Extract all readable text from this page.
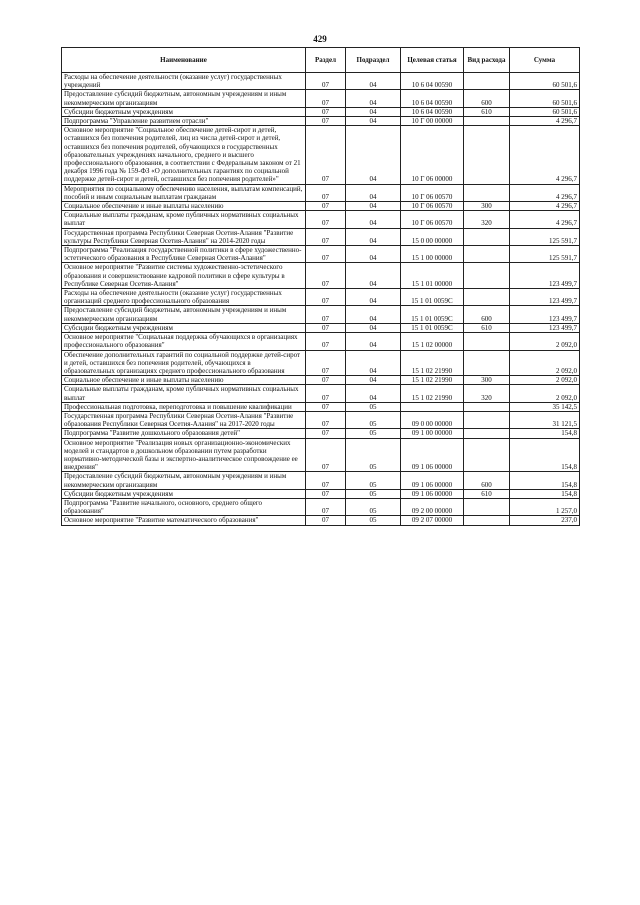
429
Наименование	Раздел	Подраздел	Целевая статья	Вид расхода	Сумма
Расходы на обеспечение деятельности (оказание услуг) государственных учреждений	07	04	10 6 04 00590		60 501,6
Предоставление субсидий бюджетным, автономным учреждениям и иным некоммерческим организациям	07	04	10 6 04 00590	600	60 501,6
Субсидии бюджетным учреждениям	07	04	10 6 04 00590	610	60 501,6
Подпрограмма "Управление развитием отрасли"	07	04	10 Г 00 00000		4 296,7
Основное мероприятие "Социальное обеспечение детей-сирот и детей, оставшихся без попечения родителей, лиц из числа детей-сирот и детей, оставшихся без попечения родителей, обучающихся в государственных образовательных учреждениях начального, среднего и высшего профессионального образования, в соответствии с Федеральным законом от 21 декабря 1996 года № 159-ФЗ «О дополнительных гарантиях по социальной поддержке детей-сирот и детей, оставшихся без попечения родителей»"	07	04	10 Г 06 00000		4 296,7
Мероприятия по социальному обеспечению населения, выплатам компенсаций, пособий и иным социальным выплатам гражданам	07	04	10 Г 06 00570		4 296,7
Социальное обеспечение и иные выплаты населению	07	04	10 Г 06 00570	300	4 296,7
Социальные выплаты гражданам, кроме публичных нормативных социальных выплат	07	04	10 Г 06 00570	320	4 296,7
Государственная программа Республики Северная Осетия-Алания "Развитие культуры Республики Северная Осетия-Алания" на 2014-2020 годы	07	04	15 0 00 00000		125 591,7
Подпрограмма "Реализация государственной политики в сфере художественно-эстетического образования в Республике Северная Осетия-Алания"	07	04	15 1 00 00000		125 591,7
Основное мероприятие "Развитие системы художественно-эстетического образования и совершенствование кадровой политики в сфере культуры в Республике Северная Осетия-Алания"	07	04	15 1 01 00000		123 499,7
Расходы на обеспечение деятельности (оказание услуг) государственных организаций среднего профессионального образования	07	04	15 1 01 0059С		123 499,7
Предоставление субсидий бюджетным, автономным учреждениям и иным некоммерческим организациям	07	04	15 1 01 0059С	600	123 499,7
Субсидии бюджетным учреждениям	07	04	15 1 01 0059С	610	123 499,7
Основное мероприятие "Социальная поддержка обучающихся в организациях профессионального образования"	07	04	15 1 02 00000		2 092,0
Обеспечение дополнительных гарантий по социальной поддержке детей-сирот и детей, оставшихся без попечения родителей, обучающихся в образовательных организациях среднего профессионального образования	07	04	15 1 02 21990		2 092,0
Социальное обеспечение и иные выплаты населению	07	04	15 1 02 21990	300	2 092,0
Социальные выплаты гражданам, кроме публичных нормативных социальных выплат	07	04	15 1 02 21990	320	2 092,0
Профессиональная подготовка, переподготовка и повышение квалификации	07	05			35 142,5
Государственная программа Республики Северная Осетия-Алания "Развитие образования Республики Северная Осетия-Алания" на 2017-2020 годы	07	05	09 0 00 00000		31 121,5
Подпрограмма "Развитие дошкольного образования детей"	07	05	09 1 00 00000		154,8
Основное мероприятие "Реализация новых организационно-экономических моделей и стандартов в дошкольном образовании путем разработки нормативно-методической базы и экспертно-аналитическое сопровождение ее внедрения"	07	05	09 1 06 00000		154,8
Предоставление субсидий бюджетным, автономным учреждениям и иным некоммерческим организациям	07	05	09 1 06 00000	600	154,8
Субсидии бюджетным учреждениям	07	05	09 1 06 00000	610	154,8
Подпрограмма "Развитие начального, основного, среднего общего образования"	07	05	09 2 00 00000		1 257,0
Основное мероприятие "Развитие математического образования"	07	05	09 2 07 00000		237,0
